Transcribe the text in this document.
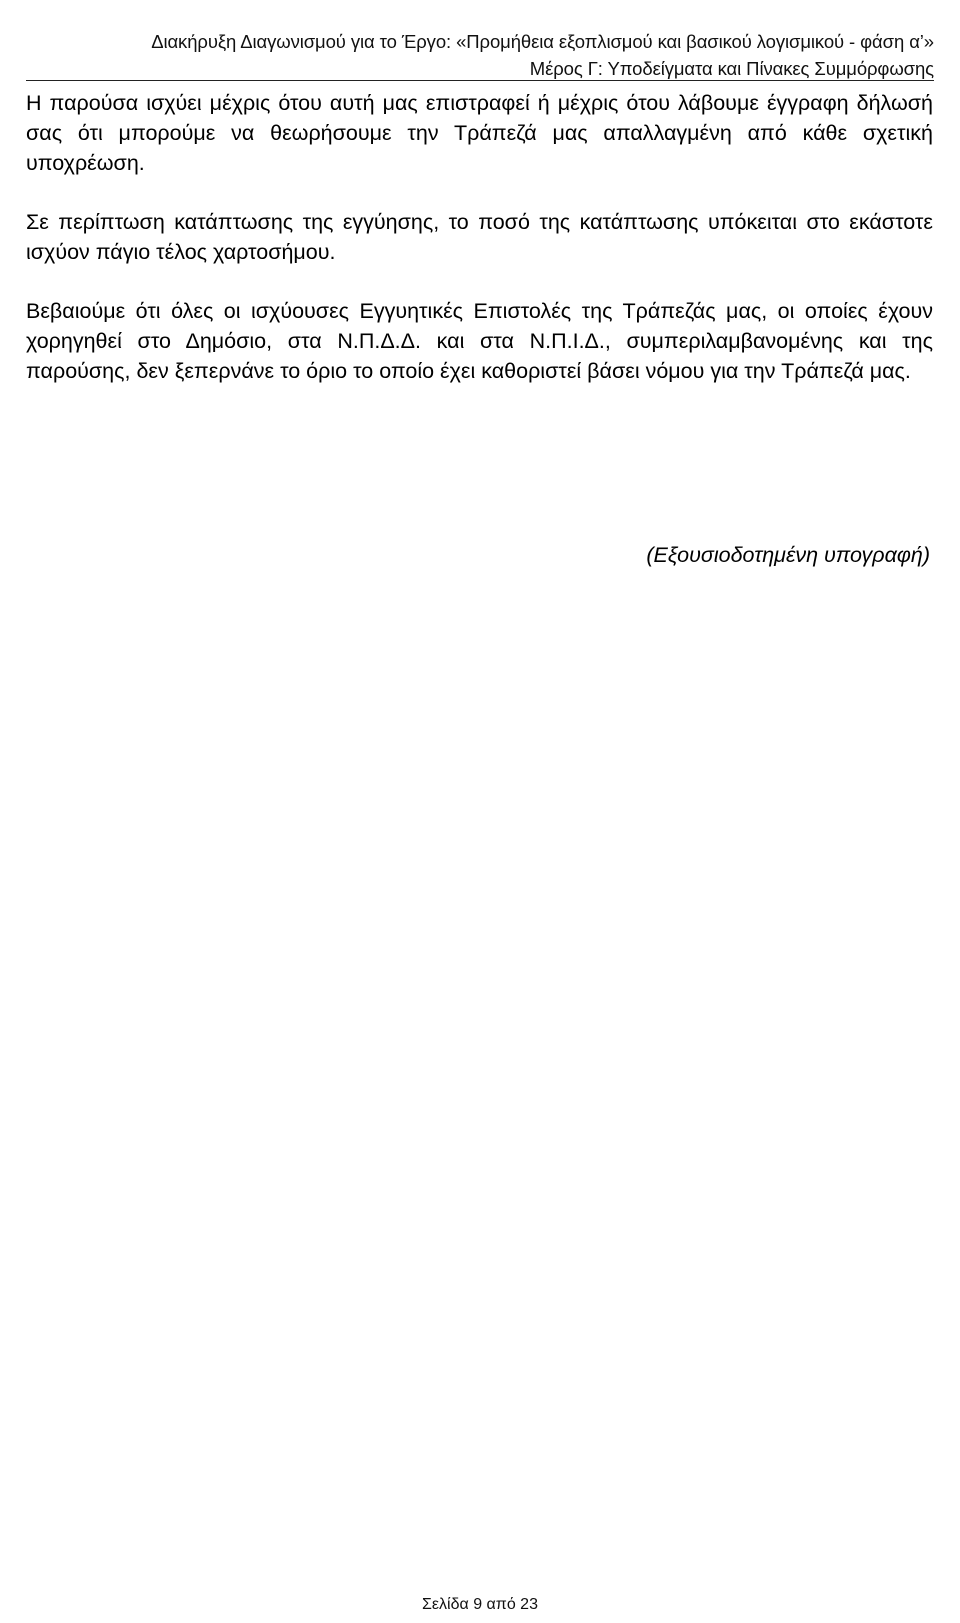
Διακήρυξη Διαγωνισμού για το Έργο: «Προμήθεια εξοπλισμού και βασικού λογισμικού - φάση α’»
Μέρος Γ: Υποδείγματα και Πίνακες Συμμόρφωσης

Η παρούσα ισχύει μέχρις ότου αυτή μας επιστραφεί ή μέχρις ότου λάβουμε έγγραφη δήλωσή σας ότι μπορούμε να θεωρήσουμε την Τράπεζά μας απαλλαγμένη από κάθε σχετική υποχρέωση.

Σε περίπτωση κατάπτωσης της εγγύησης, το ποσό της κατάπτωσης υπόκειται στο εκάστοτε ισχύον πάγιο τέλος χαρτοσήμου.

Βεβαιούμε ότι όλες οι ισχύουσες Εγγυητικές Επιστολές της Τράπεζάς μας, οι οποίες έχουν χορηγηθεί στο Δημόσιο, στα Ν.Π.Δ.Δ. και στα Ν.Π.Ι.Δ., συμπεριλαμβανομένης και της παρούσης, δεν ξεπερνάνε το όριο το οποίο έχει καθοριστεί βάσει νόμου για την Τράπεζά μας.

(Εξουσιοδοτημένη υπογραφή)
Σελίδα 9 από 23
